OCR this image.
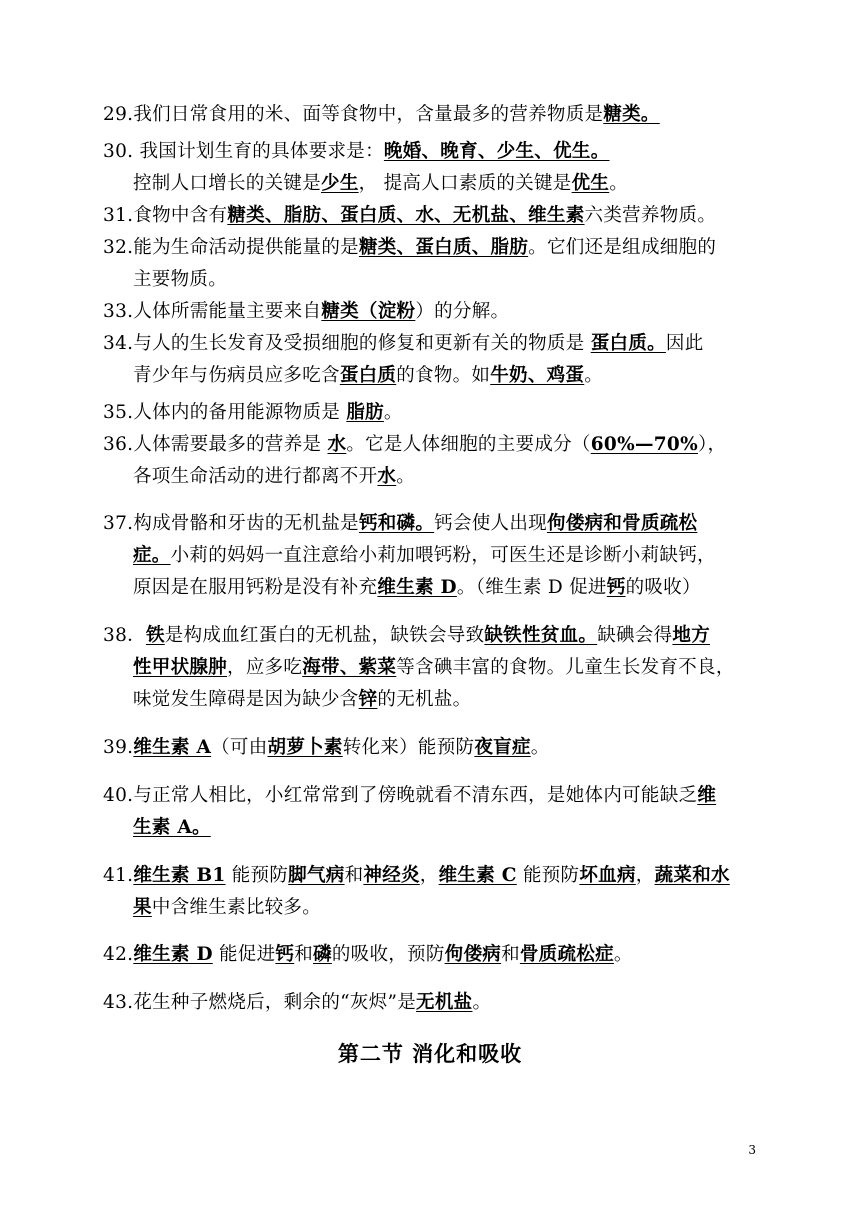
29.我们日常食用的米、面等食物中，含量最多的营养物质是糖类。
30. 我国计划生育的具体要求是：晚婚、晚育、少生、优生。
控制人口增长的关键是少生， 提高人口素质的关键是优生。
31.食物中含有糖类、脂肪、蛋白质、水、无机盐、维生素六类营养物质。
32.能为生命活动提供能量的是糖类、蛋白质、脂肪。它们还是组成细胞的
主要物质。
33.人体所需能量主要来自糖类（淀粉）的分解。
34.与人的生长发育及受损细胞的修复和更新有关的物质是 蛋白质。因此
青少年与伤病员应多吃含蛋白质的食物。如牛奶、鸡蛋。
35.人体内的备用能源物质是 脂肪。
36.人体需要最多的营养是 水。它是人体细胞的主要成分（60%—70%），
各项生命活动的进行都离不开水。
37.构成骨骼和牙齿的无机盐是钙和磷。钙会使人出现佝偻病和骨质疏松
症。小莉的妈妈一直注意给小莉加喂钙粉，可医生还是诊断小莉缺钙，
原因是在服用钙粉是没有补充维生素 D。（维生素 D 促进钙的吸收）
38．铁是构成血红蛋白的无机盐，缺铁会导致缺铁性贫血。缺碘会得地方
性甲状腺肿，应多吃海带、紫菜等含碘丰富的食物。儿童生长发育不良，
味觉发生障碍是因为缺少含锌的无机盐。
39.维生素 A（可由胡萝卜素转化来）能预防夜盲症。
40.与正常人相比，小红常常到了傍晚就看不清东西，是她体内可能缺乏维
生素 A。
41.维生素 B1 能预防脚气病和神经炎，维生素 C 能预防坏血病，蔬菜和水
果中含维生素比较多。
42.维生素 D 能促进钙和磷的吸收，预防佝偻病和骨质疏松症。
43.花生种子燃烧后，剩余的“灰烬”是无机盐。
第二节 消化和吸收
3
